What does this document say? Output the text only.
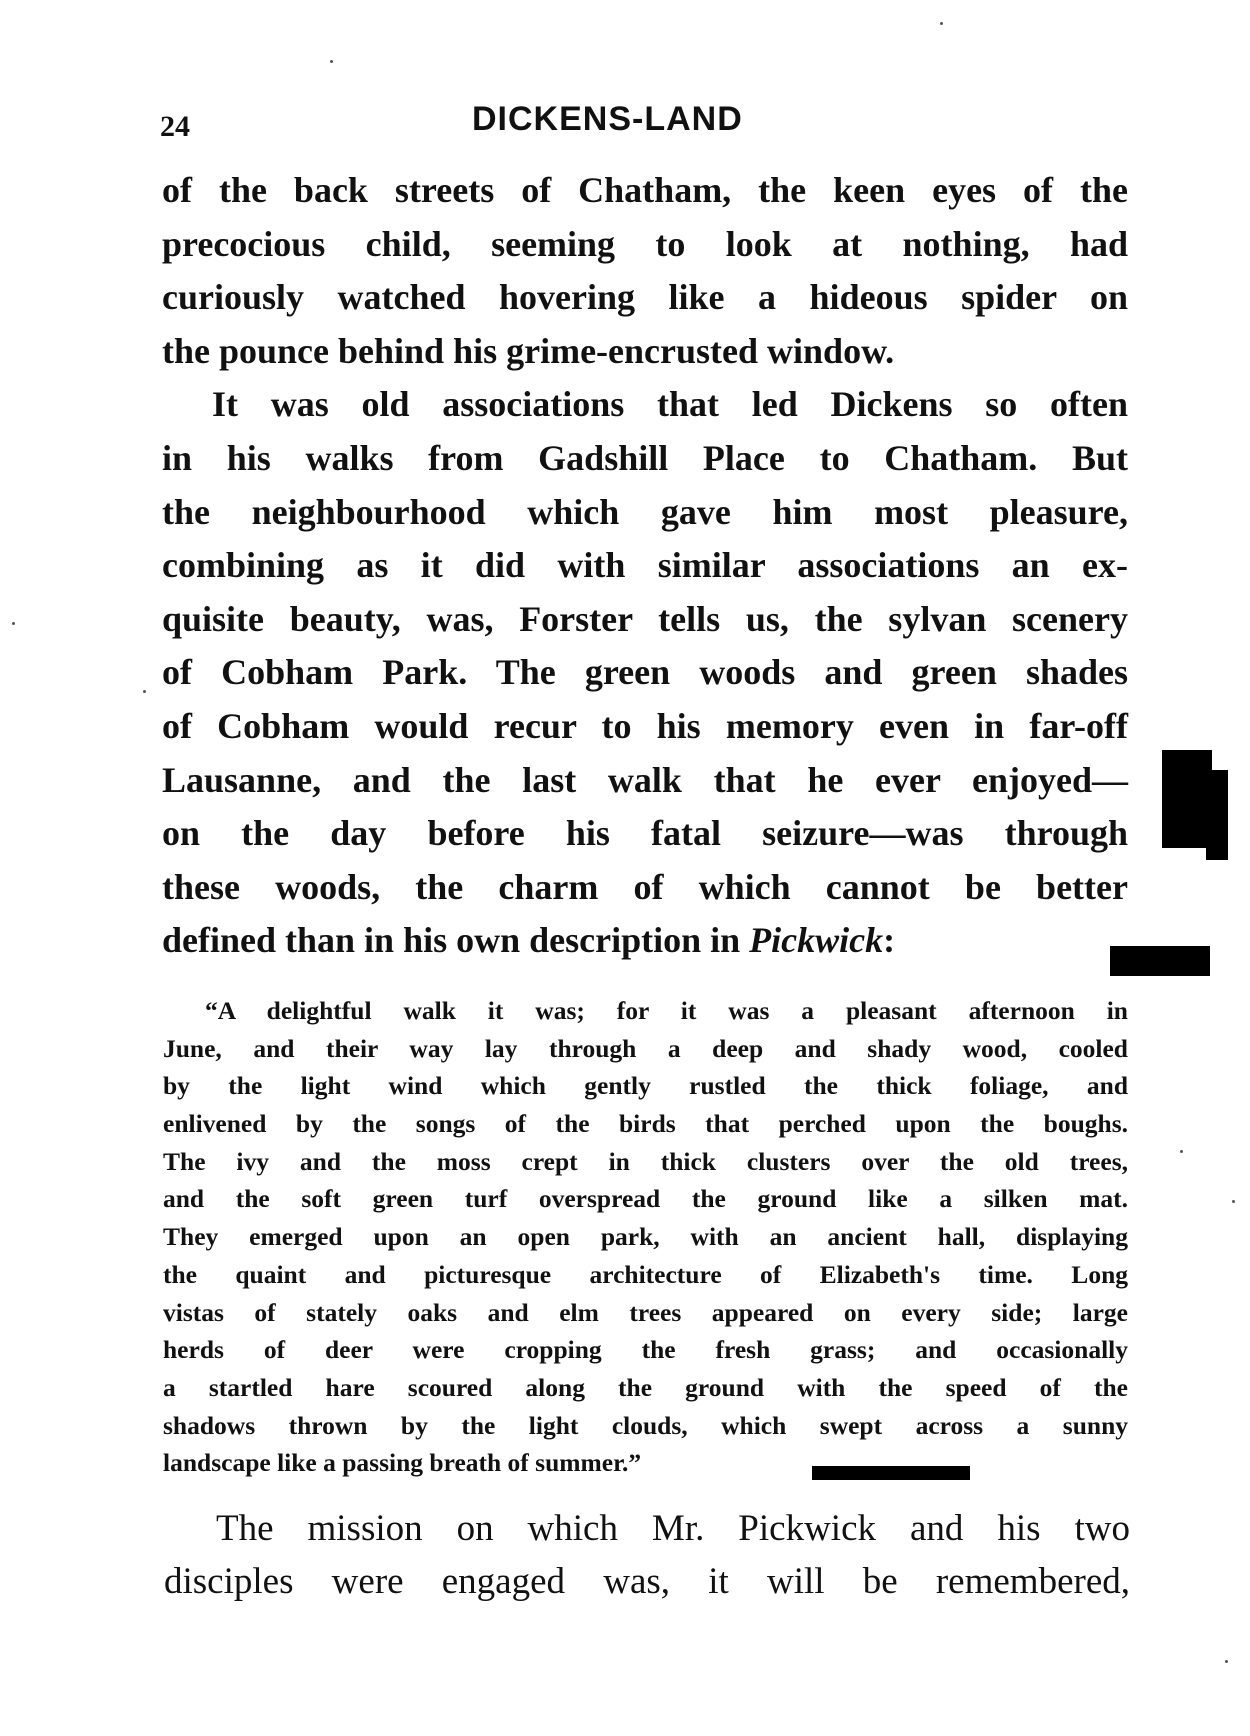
24	DICKENS-LAND
of the back streets of Chatham, the keen eyes of the
precocious child, seeming to look at nothing, had
curiously watched hovering like a hideous spider on
the pounce behind his grime-encrusted window.
It was old associations that led Dickens so often
in his walks from Gadshill Place to Chatham. But
the neighbourhood which gave him most pleasure,
combining as it did with similar associations an ex-
quisite beauty, was, Forster tells us, the sylvan scenery
of Cobham Park. The green woods and green shades
of Cobham would recur to his memory even in far-off
Lausanne, and the last walk that he ever enjoyed—
on the day before his fatal seizure—was through
these woods, the charm of which cannot be better
defined than in his own description in Pickwick:
“A delightful walk it was; for it was a pleasant afternoon in
June, and their way lay through a deep and shady wood, cooled
by the light wind which gently rustled the thick foliage, and
enlivened by the songs of the birds that perched upon the boughs.
The ivy and the moss crept in thick clusters over the old trees,
and the soft green turf overspread the ground like a silken mat.
They emerged upon an open park, with an ancient hall, displaying
the quaint and picturesque architecture of Elizabeth's time. Long
vistas of stately oaks and elm trees appeared on every side; large
herds of deer were cropping the fresh grass; and occasionally
a startled hare scoured along the ground with the speed of the
shadows thrown by the light clouds, which swept across a sunny
landscape like a passing breath of summer.”
The mission on which Mr. Pickwick and his two
disciples were engaged was, it will be remembered,
